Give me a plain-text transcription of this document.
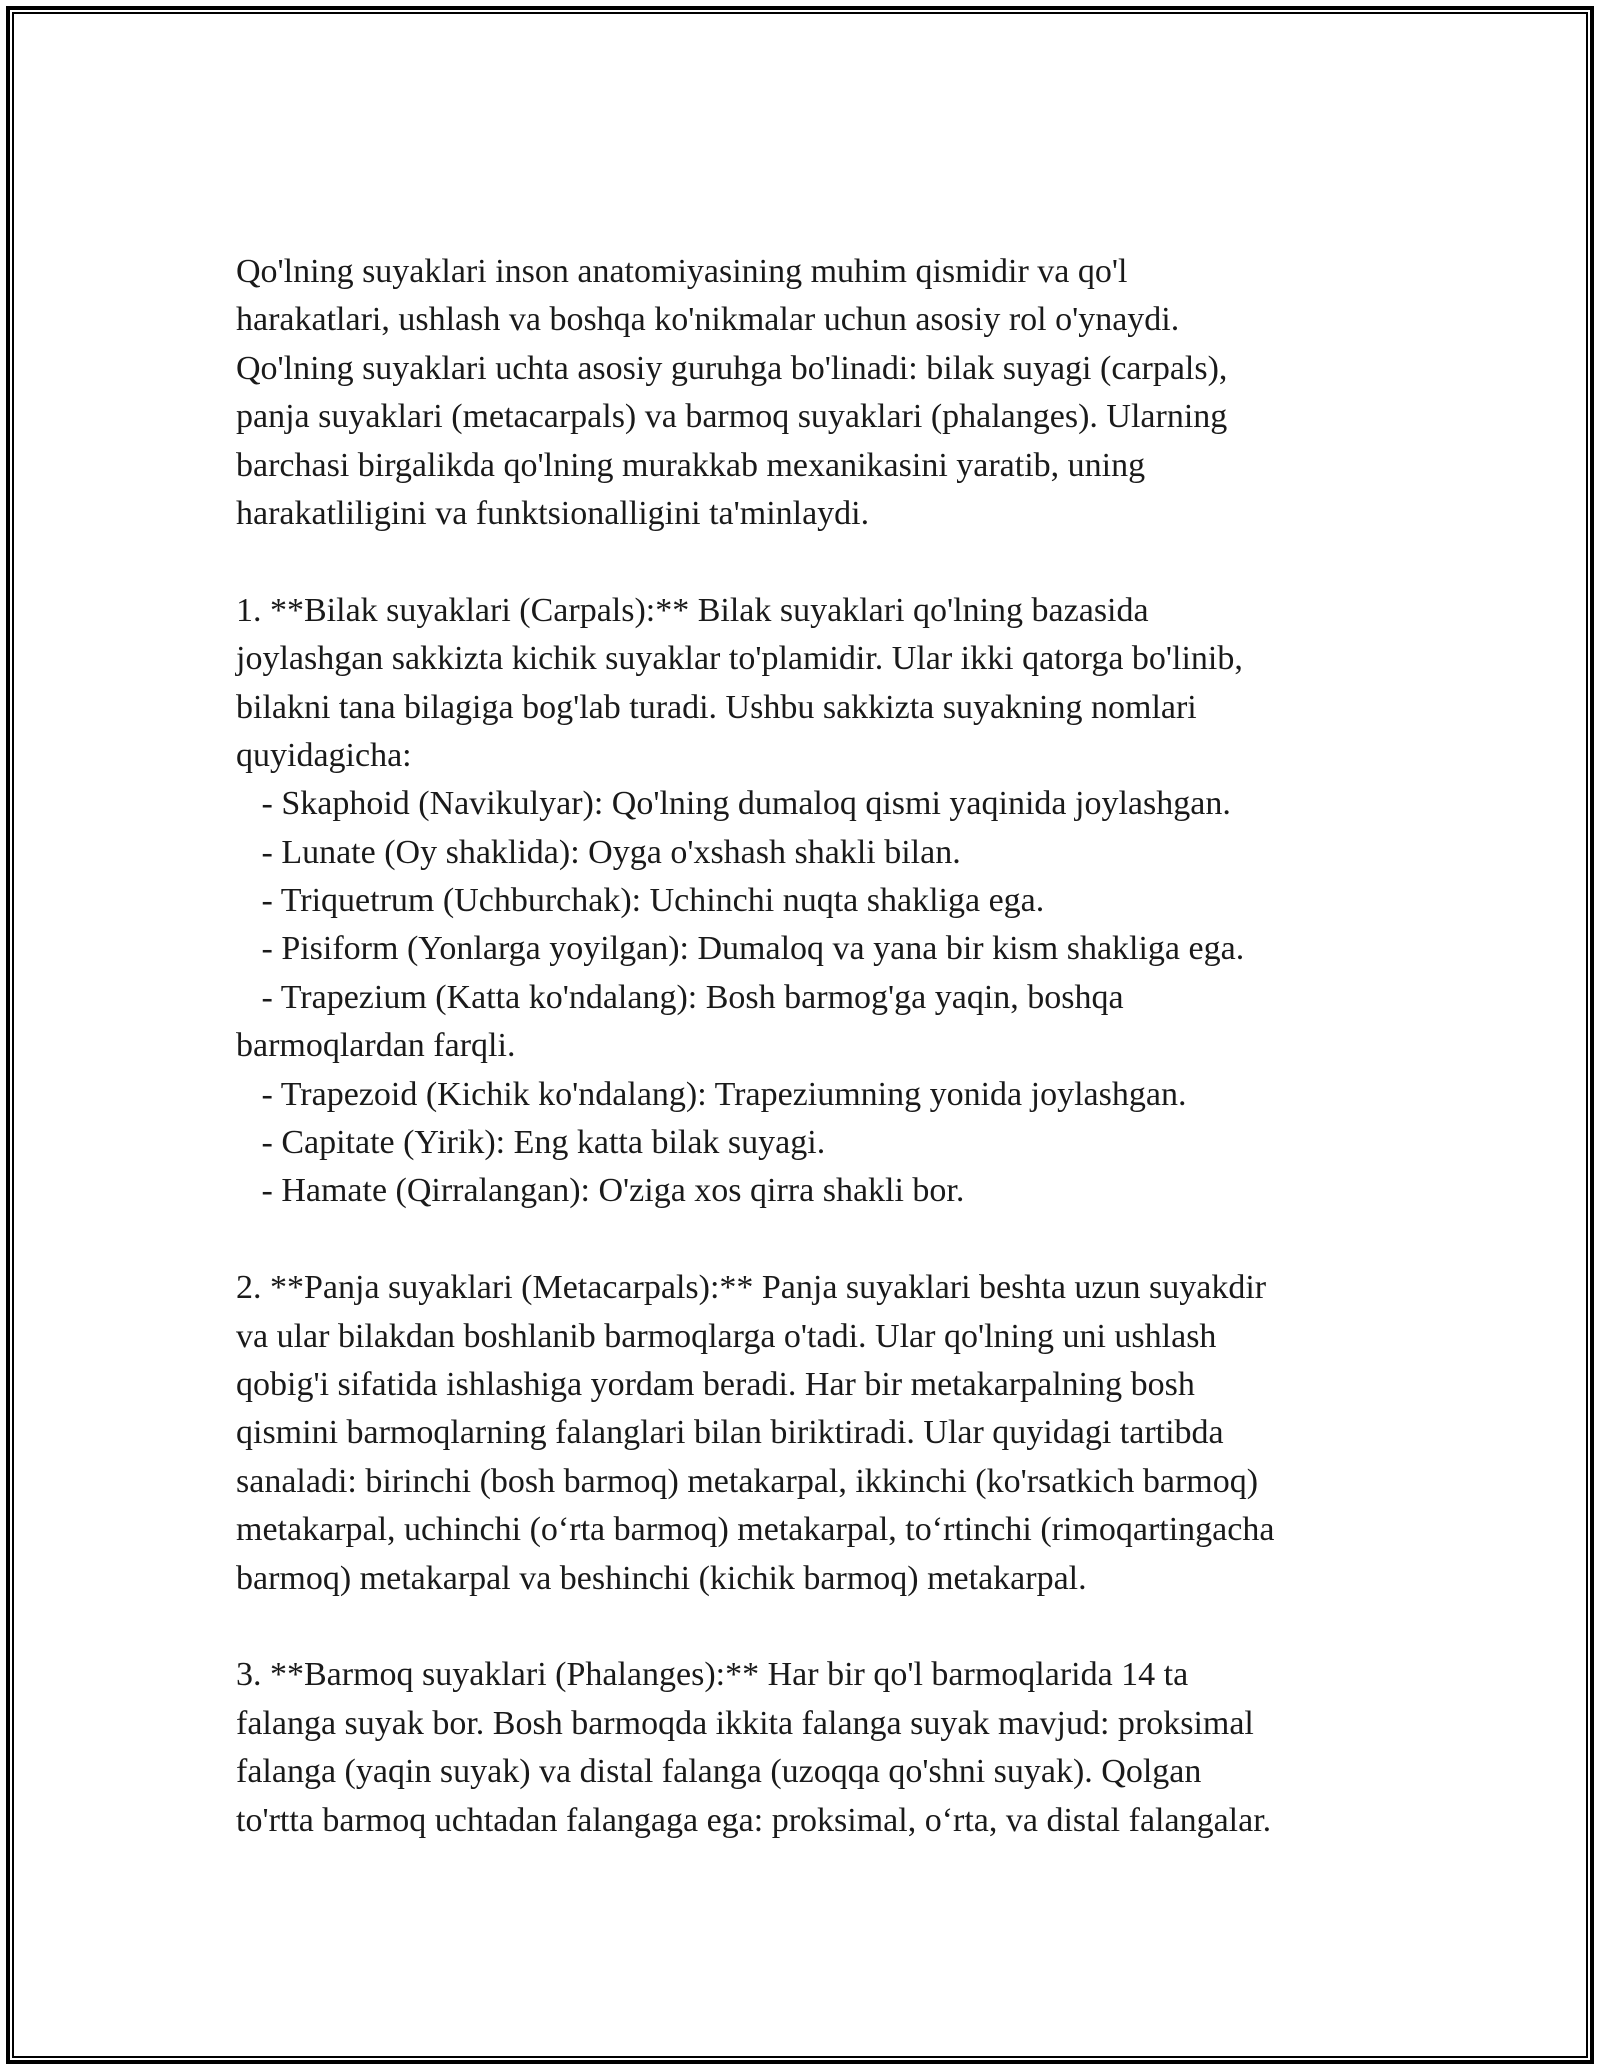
Qo'lning suyaklari inson anatomiyasining muhim qismidir va qo'l
harakatlari, ushlash va boshqa ko'nikmalar uchun asosiy rol o'ynaydi.
Qo'lning suyaklari uchta asosiy guruhga bo'linadi: bilak suyagi (carpals),
panja suyaklari (metacarpals) va barmoq suyaklari (phalanges). Ularning
barchasi birgalikda qo'lning murakkab mexanikasini yaratib, uning
harakatliligini va funktsionalligini ta'minlaydi.
1. **Bilak suyaklari (Carpals):** Bilak suyaklari qo'lning bazasida
joylashgan sakkizta kichik suyaklar to'plamidir. Ular ikki qatorga bo'linib,
bilakni tana bilagiga bog'lab turadi. Ushbu sakkizta suyakning nomlari
quyidagicha:
- Skaphoid (Navikulyar): Qo'lning dumaloq qismi yaqinida joylashgan.
- Lunate (Oy shaklida): Oyga o'xshash shakli bilan.
- Triquetrum (Uchburchak): Uchinchi nuqta shakliga ega.
- Pisiform (Yonlarga yoyilgan): Dumaloq va yana bir kism shakliga ega.
- Trapezium (Katta ko'ndalang): Bosh barmog'ga yaqin, boshqa
barmoqlardan farqli.
- Trapezoid (Kichik ko'ndalang): Trapeziumning yonida joylashgan.
- Capitate (Yirik): Eng katta bilak suyagi.
- Hamate (Qirralangan): O'ziga xos qirra shakli bor.
2. **Panja suyaklari (Metacarpals):** Panja suyaklari beshta uzun suyakdir
va ular bilakdan boshlanib barmoqlarga o'tadi. Ular qo'lning uni ushlash
qobig'i sifatida ishlashiga yordam beradi. Har bir metakarpalning bosh
qismini barmoqlarning falanglari bilan biriktiradi. Ular quyidagi tartibda
sanaladi: birinchi (bosh barmoq) metakarpal, ikkinchi (ko'rsatkich barmoq)
metakarpal, uchinchi (o‘rta barmoq) metakarpal, to‘rtinchi (rimoqartingacha
barmoq) metakarpal va beshinchi (kichik barmoq) metakarpal.
3. **Barmoq suyaklari (Phalanges):** Har bir qo'l barmoqlarida 14 ta
falanga suyak bor. Bosh barmoqda ikkita falanga suyak mavjud: proksimal
falanga (yaqin suyak) va distal falanga (uzoqqa qo'shni suyak). Qolgan
to'rtta barmoq uchtadan falangaga ega: proksimal, o‘rta, va distal falangalar.
